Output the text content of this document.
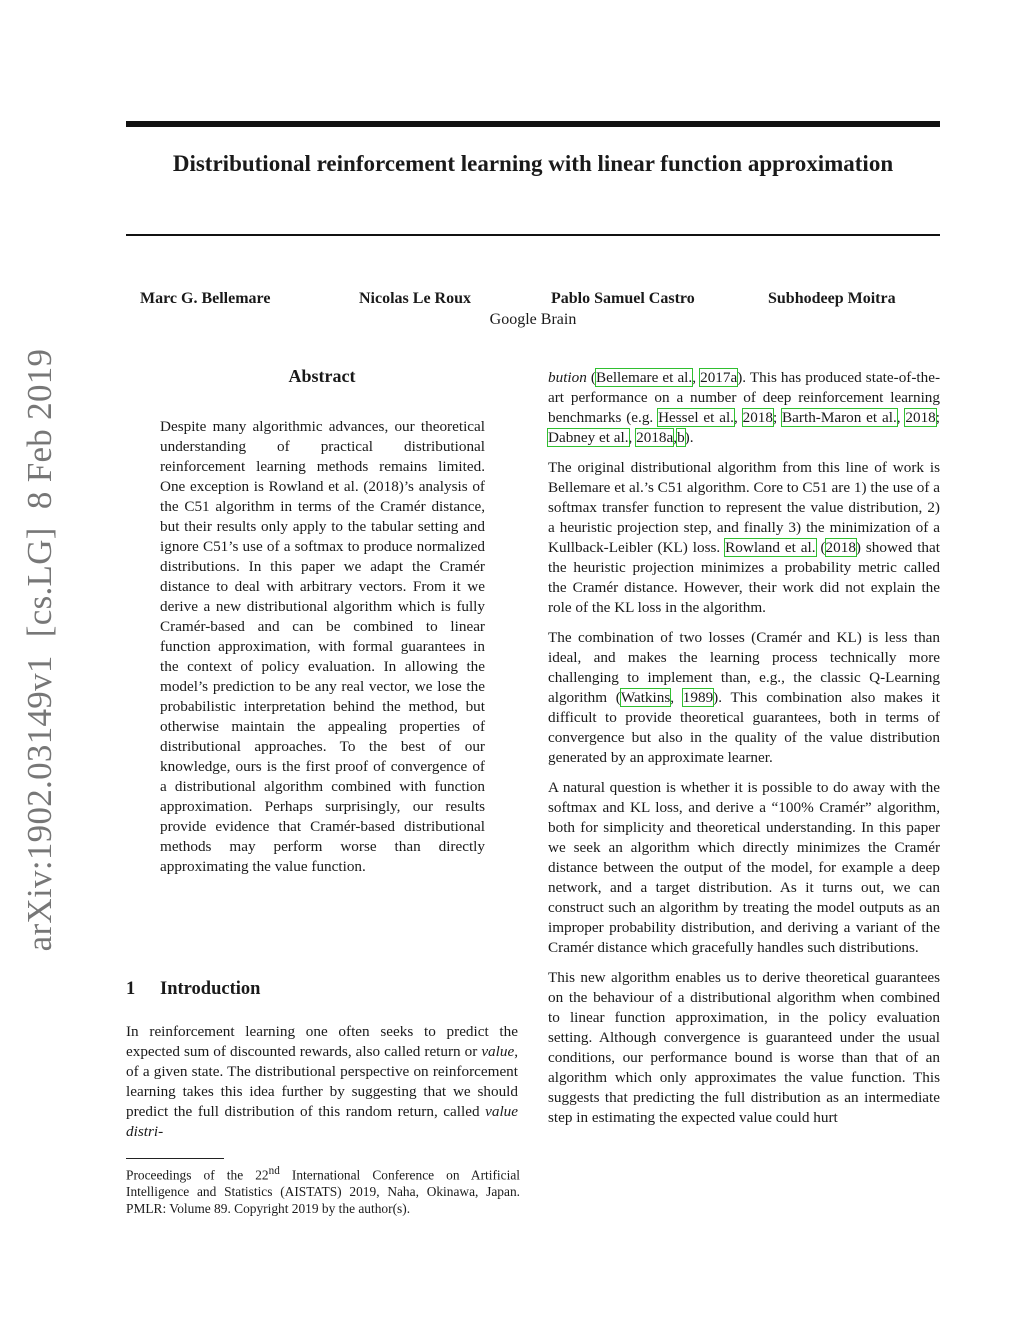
Distributional reinforcement learning with linear function approximation
Marc G. Bellemare	Nicolas Le Roux	Pablo Samuel Castro	Subhodeep Moitra
Google Brain
arXiv:1902.03149v1  [cs.LG]  8 Feb 2019	Abstract

Despite many algorithmic advances, our theoretical understanding of practical distributional reinforcement learning methods remains limited. One exception is Rowland et al. (2018)’s analysis of the C51 algorithm in terms of the Cramér distance, but their results only apply to the tabular setting and ignore C51’s use of a softmax to produce normalized distributions. In this paper we adapt the Cramér distance to deal with arbitrary vectors. From it we derive a new distributional algorithm which is fully Cramér-based and can be combined to linear function approximation, with formal guarantees in the context of policy evaluation. In allowing the model’s prediction to be any real vector, we lose the probabilistic interpretation behind the method, but otherwise maintain the appealing properties of distributional approaches. To the best of our knowledge, ours is the first proof of convergence of a distributional algorithm combined with function approximation. Perhaps surprisingly, our results provide evidence that Cramér-based distributional methods may perform worse than directly approximating the value function.

1 Introduction

In reinforcement learning one often seeks to predict the expected sum of discounted rewards, also called return or value, of a given state. The distributional perspective on reinforcement learning takes this idea further by suggesting that we should predict the full distribution of this random return, called value distri-

Proceedings of the 22nd International Conference on Artificial Intelligence and Statistics (AISTATS) 2019, Naha, Okinawa, Japan. PMLR: Volume 89. Copyright 2019 by the author(s).

bution (Bellemare et al., 2017a). This has produced state-of-the-art performance on a number of deep reinforcement learning benchmarks (e.g. Hessel et al., 2018; Barth-Maron et al., 2018; Dabney et al., 2018a,b).

The original distributional algorithm from this line of work is Bellemare et al.’s C51 algorithm. Core to C51 are 1) the use of a softmax transfer function to represent the value distribution, 2) a heuristic projection step, and finally 3) the minimization of a Kullback-Leibler (KL) loss. Rowland et al. (2018) showed that the heuristic projection minimizes a probability metric called the Cramér distance. However, their work did not explain the role of the KL loss in the algorithm.

The combination of two losses (Cramér and KL) is less than ideal, and makes the learning process technically more challenging to implement than, e.g., the classic Q-Learning algorithm (Watkins, 1989). This combination also makes it difficult to provide theoretical guarantees, both in terms of convergence but also in the quality of the value distribution generated by an approximate learner.

A natural question is whether it is possible to do away with the softmax and KL loss, and derive a “100% Cramér” algorithm, both for simplicity and theoretical understanding. In this paper we seek an algorithm which directly minimizes the Cramér distance between the output of the model, for example a deep network, and a target distribution. As it turns out, we can construct such an algorithm by treating the model outputs as an improper probability distribution, and deriving a variant of the Cramér distance which gracefully handles such distributions.

This new algorithm enables us to derive theoretical guarantees on the behaviour of a distributional algorithm when combined to linear function approximation, in the policy evaluation setting. Although convergence is guaranteed under the usual conditions, our performance bound is worse than that of an algorithm which only approximates the value function. This suggests that predicting the full distribution as an intermediate step in estimating the expected value could hurt
